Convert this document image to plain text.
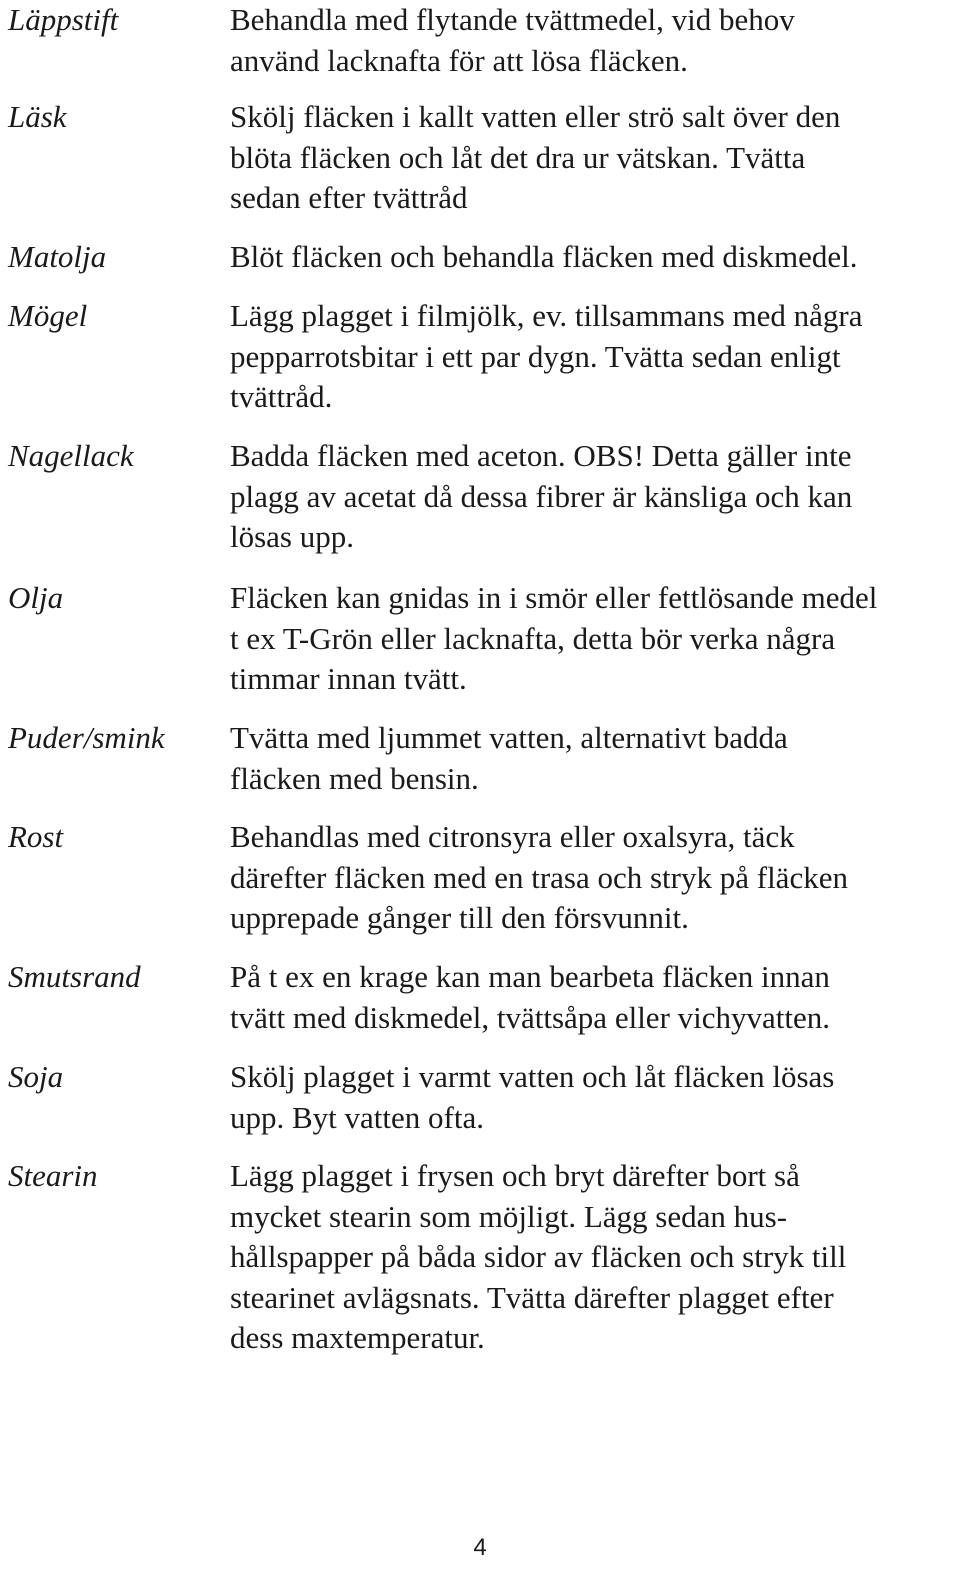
Läppstift	Behandla med flytande tvättmedel, vid behov
använd lacknafta för att lösa fläcken.
Läsk	Skölj fläcken i kallt vatten eller strö salt över den
blöta fläcken och låt det dra ur vätskan. Tvätta
sedan efter tvättråd
Matolja	Blöt fläcken och behandla fläcken med diskmedel.
Mögel	Lägg plagget i filmjölk, ev. tillsammans med några
pepparrotsbitar i ett par dygn. Tvätta sedan enligt
tvättråd.
Nagellack	Badda fläcken med aceton. OBS! Detta gäller inte
plagg av acetat då dessa fibrer är känsliga och kan
lösas upp.
Olja	Fläcken kan gnidas in i smör eller fettlösande medel
t ex T-Grön eller lacknafta, detta bör verka några
timmar innan tvätt.
Puder/smink	Tvätta med ljummet vatten, alternativt badda
fläcken med bensin.
Rost	Behandlas med citronsyra eller oxalsyra, täck
därefter fläcken med en trasa och stryk på fläcken
upprepade gånger till den försvunnit.
Smutsrand	På t ex en krage kan man bearbeta fläcken innan
tvätt med diskmedel, tvättsåpa eller vichyvatten.
Soja	Skölj plagget i varmt vatten och låt fläcken lösas
upp. Byt vatten ofta.
Stearin	Lägg plagget i frysen och bryt därefter bort så
mycket stearin som möjligt. Lägg sedan hus-
hållspapper på båda sidor av fläcken och stryk till
stearinet avlägsnats. Tvätta därefter plagget efter
dess maxtemperatur.
4
